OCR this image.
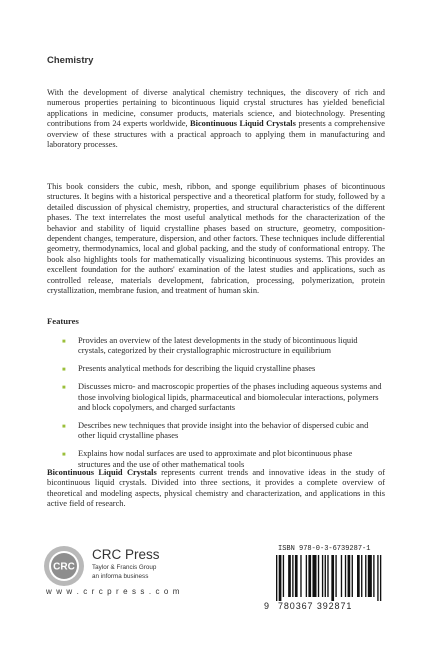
Chemistry

With the development of diverse analytical chemistry techniques, the discovery of rich and numerous properties pertaining to bicontinuous liquid crystal structures has yielded beneficial applications in medicine, consumer products, materials science, and biotechnology. Presenting contributions from 24 experts worldwide, Bicontinuous Liquid Crystals presents a comprehensive overview of these structures with a practical approach to applying them in manufacturing and laboratory processes.

This book considers the cubic, mesh, ribbon, and sponge equilibrium phases of bicontinuous structures. It begins with a historical perspective and a theoretical platform for study, followed by a detailed discussion of physical chemistry, properties, and structural characteristics of the different phases. The text interrelates the most useful analytical methods for the characterization of the behavior and stability of liquid crystalline phases based on structure, geometry, composition-dependent changes, temperature, dispersion, and other factors. These techniques include differential geometry, thermodynamics, local and global packing, and the study of conformational entropy. The book also highlights tools for mathematically visualizing bicontinuous systems. This provides an excellent foundation for the authors' examination of the latest studies and applications, such as controlled release, materials development, fabrication, processing, polymerization, protein crystallization, membrane fusion, and treatment of human skin.

Features
■ Provides an overview of the latest developments in the study of bicontinuous liquid crystals, categorized by their crystallographic microstructure in equilibrium
■ Presents analytical methods for describing the liquid crystalline phases
■ Discusses micro- and macroscopic properties of the phases including aqueous systems and those involving biological lipids, pharmaceutical and biomolecular interactions, polymers and block copolymers, and charged surfactants
■ Describes new techniques that provide insight into the behavior of dispersed cubic and other liquid crystalline phases
■ Explains how nodal surfaces are used to approximate and plot bicontinuous phase structures and the use of other mathematical tools

Bicontinuous Liquid Crystals represents current trends and innovative ideas in the study of bicontinuous liquid crystals. Divided into three sections, it provides a complete overview of theoretical and modeling aspects, physical chemistry and characterization, and applications in this active field of research.

CRC
CRC Press
Taylor & Francis Group
an informa business
w w w . c r c p r e s s . c o m
ISBN 978-0-3-6739287-1
9 780367 392871
